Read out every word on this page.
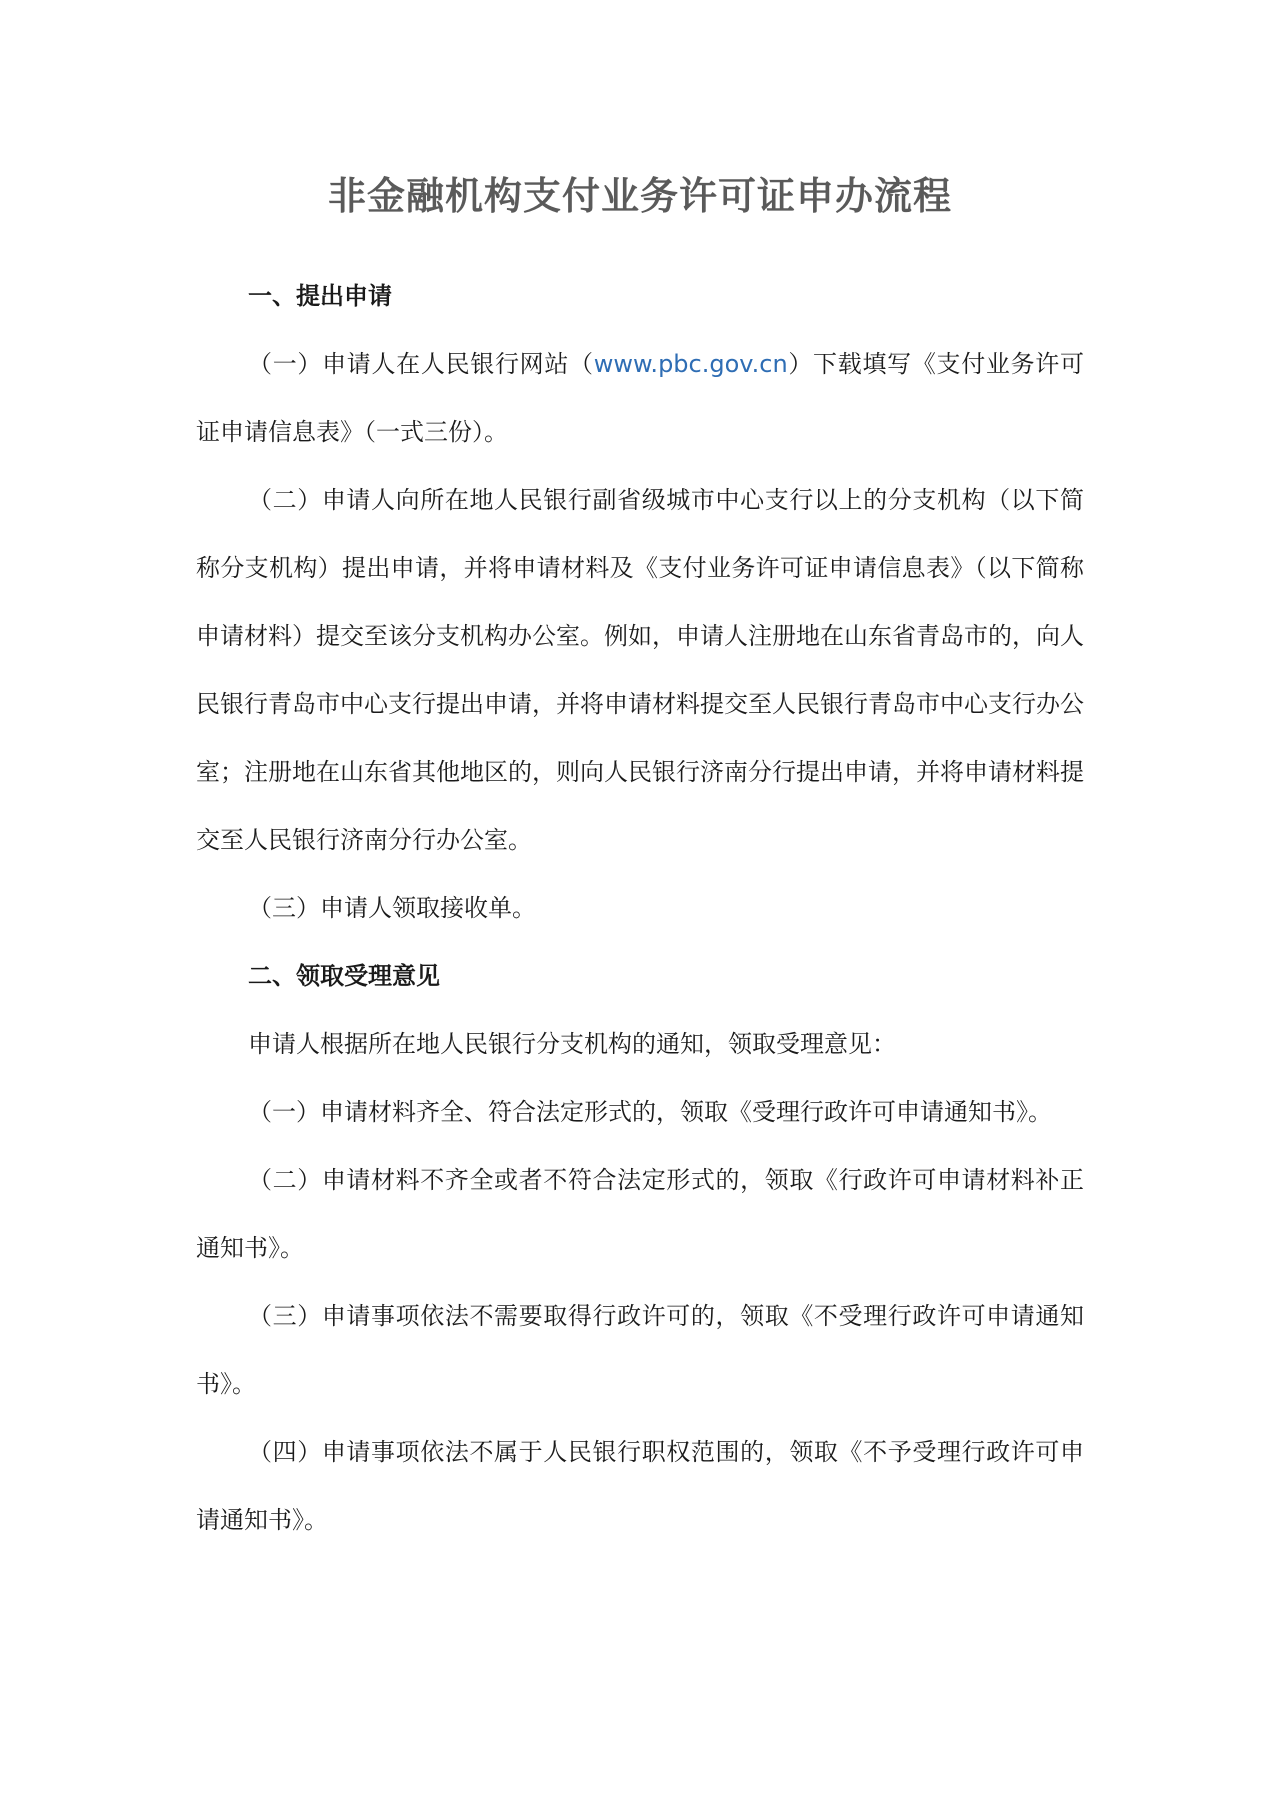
非金融机构支付业务许可证申办流程

一、提出申请

（一）申请人在人民银行网站（www.pbc.gov.cn）下载填写《支付业务许可证申请信息表》（一式三份）。

（二）申请人向所在地人民银行副省级城市中心支行以上的分支机构（以下简称分支机构）提出申请，并将申请材料及《支付业务许可证申请信息表》（以下简称申请材料）提交至该分支机构办公室。例如，申请人注册地在山东省青岛市的，向人民银行青岛市中心支行提出申请，并将申请材料提交至人民银行青岛市中心支行办公室；注册地在山东省其他地区的，则向人民银行济南分行提出申请，并将申请材料提交至人民银行济南分行办公室。

（三）申请人领取接收单。

二、领取受理意见

申请人根据所在地人民银行分支机构的通知，领取受理意见：

（一）申请材料齐全、符合法定形式的，领取《受理行政许可申请通知书》。

（二）申请材料不齐全或者不符合法定形式的，领取《行政许可申请材料补正通知书》。

（三）申请事项依法不需要取得行政许可的，领取《不受理行政许可申请通知书》。

（四）申请事项依法不属于人民银行职权范围的，领取《不予受理行政许可申请通知书》。
